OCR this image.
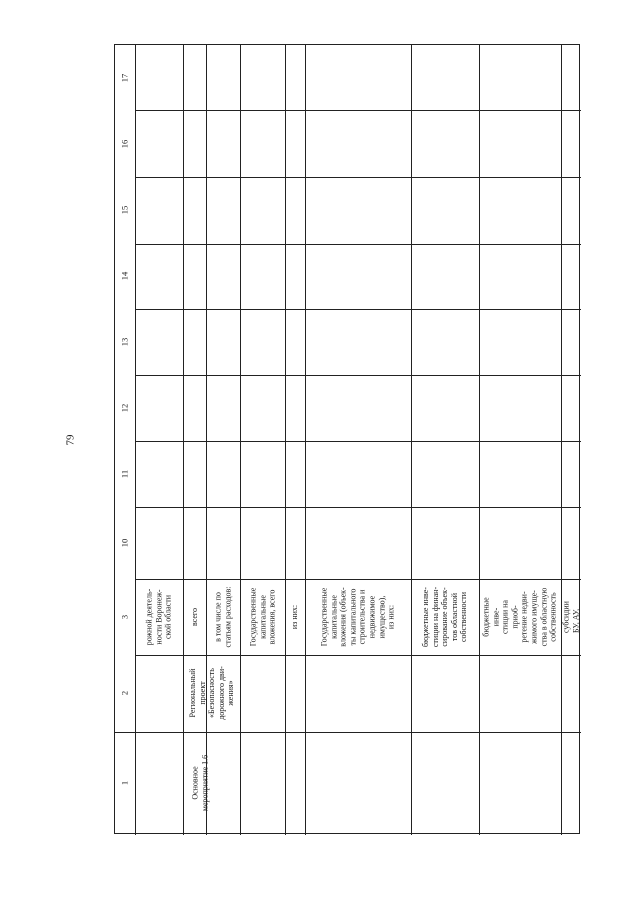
79
17
16
15
14
13
12
11
10
3
2
1
рожной деятель-
ности Воронеж-
ской области всего
в том числе по
статьям расходов: Государственные
капитальные
вложения, всего
из них:	Государственные
капитальные
вложения (объек-
ты капитального
строительства и
недвижимое
имущество),
из них:	бюджетные инве-
стиции на финан-
сирование объек-
тов областной
собственности бюджетные инве-
стиции на приоб-
ретение недви-
жимого имуще-
ства в областную
собственность субсидии БУ, АУ,
Основное
мероприятие 1.6
Региональный
проект
«Безопасность
дорожного дви-
жения»
